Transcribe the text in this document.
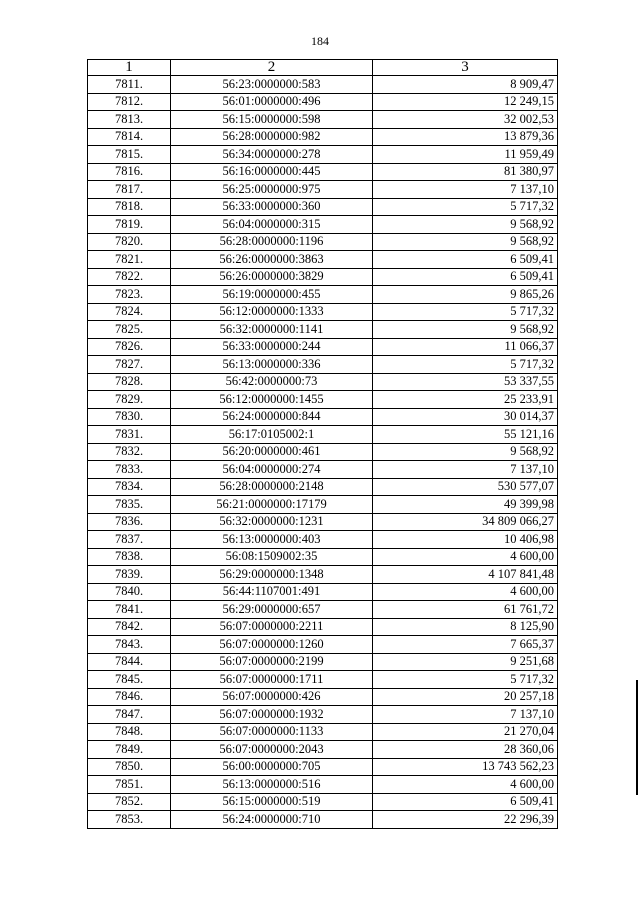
184
1	2	3
7811.	56:23:0000000:583	8 909,47
7812.	56:01:0000000:496	12 249,15
7813.	56:15:0000000:598	32 002,53
7814.	56:28:0000000:982	13 879,36
7815.	56:34:0000000:278	11 959,49
7816.	56:16:0000000:445	81 380,97
7817.	56:25:0000000:975	7 137,10
7818.	56:33:0000000:360	5 717,32
7819.	56:04:0000000:315	9 568,92
7820.	56:28:0000000:1196	9 568,92
7821.	56:26:0000000:3863	6 509,41
7822.	56:26:0000000:3829	6 509,41
7823.	56:19:0000000:455	9 865,26
7824.	56:12:0000000:1333	5 717,32
7825.	56:32:0000000:1141	9 568,92
7826.	56:33:0000000:244	11 066,37
7827.	56:13:0000000:336	5 717,32
7828.	56:42:0000000:73	53 337,55
7829.	56:12:0000000:1455	25 233,91
7830.	56:24:0000000:844	30 014,37
7831.	56:17:0105002:1	55 121,16
7832.	56:20:0000000:461	9 568,92
7833.	56:04:0000000:274	7 137,10
7834.	56:28:0000000:2148	530 577,07
7835.	56:21:0000000:17179	49 399,98
7836.	56:32:0000000:1231	34 809 066,27
7837.	56:13:0000000:403	10 406,98
7838.	56:08:1509002:35	4 600,00
7839.	56:29:0000000:1348	4 107 841,48
7840.	56:44:1107001:491	4 600,00
7841.	56:29:0000000:657	61 761,72
7842.	56:07:0000000:2211	8 125,90
7843.	56:07:0000000:1260	7 665,37
7844.	56:07:0000000:2199	9 251,68
7845.	56:07:0000000:1711	5 717,32
7846.	56:07:0000000:426	20 257,18
7847.	56:07:0000000:1932	7 137,10
7848.	56:07:0000000:1133	21 270,04
7849.	56:07:0000000:2043	28 360,06
7850.	56:00:0000000:705	13 743 562,23
7851.	56:13:0000000:516	4 600,00
7852.	56:15:0000000:519	6 509,41
7853.	56:24:0000000:710	22 296,39
